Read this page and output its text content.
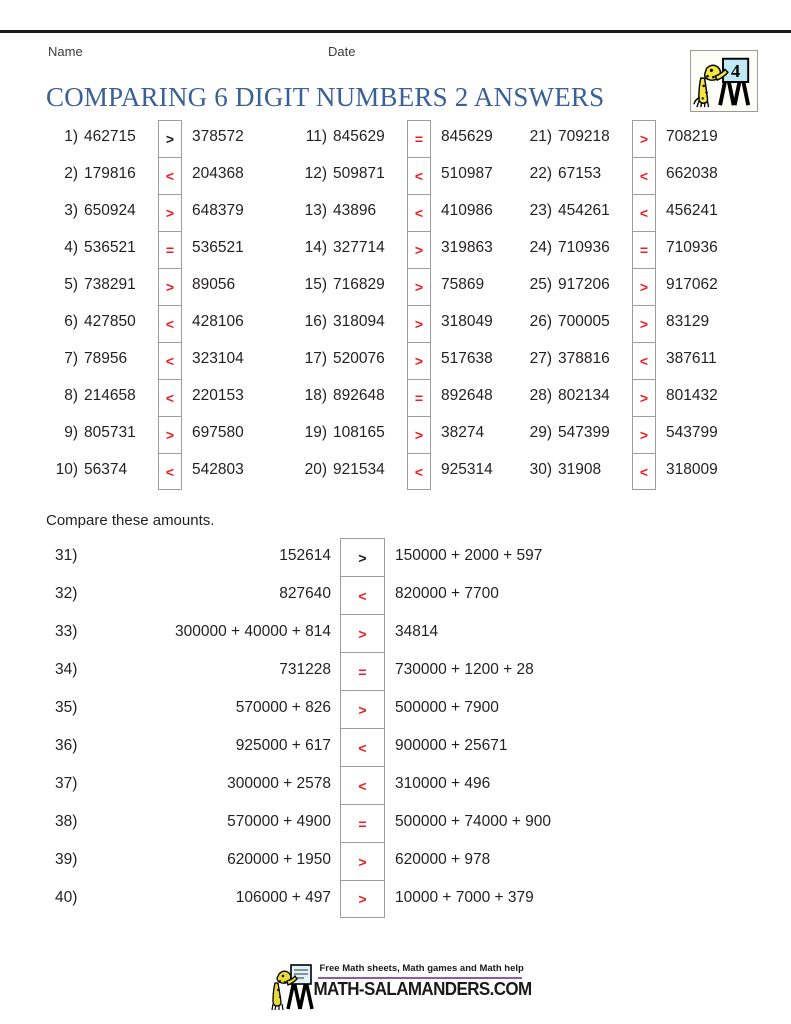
Name	Date
4
COMPARING 6 DIGIT NUMBERS 2 ANSWERS
1) 462715	>	378572
2) 179816	<	204368
3) 650924	>	648379
4) 536521	=	536521
5) 738291	>	89056
6) 427850	<	428106
7) 78956	<	323104
8) 214658	<	220153
9) 805731	>	697580
10) 56374	<	542803
11) 845629	=	845629
12) 509871	<	510987
13) 43896	<	410986
14) 327714	>	319863
15) 716829	>	75869
16) 318094	>	318049
17) 520076	>	517638
18) 892648	=	892648
19) 108165	>	38274
20) 921534	<	925314
21) 709218	>	708219
22) 67153	<	662038
23) 454261	<	456241
24) 710936	=	710936
25) 917206	>	917062
26) 700005	>	83129
27) 378816	<	387611
28) 802134	>	801432
29) 547399	>	543799
30) 31908	<	318009
Compare these amounts.
31)	152614	>	150000 + 2000 + 597
32)	827640	<	820000 + 7700
33)	300000 + 40000 + 814	>	34814
34)	731228	=	730000 + 1200 + 28
35)	570000 + 826	>	500000 + 7900
36)	925000 + 617	<	900000 + 25671
37)	300000 + 2578	<	310000 + 496
38)	570000 + 4900	=	500000 + 74000 + 900
39)	620000 + 1950	>	620000 + 978
40)	106000 + 497	>	10000 + 7000 + 379
Free Math sheets, Math games and Math help
MATH-SALAMANDERS.COM
